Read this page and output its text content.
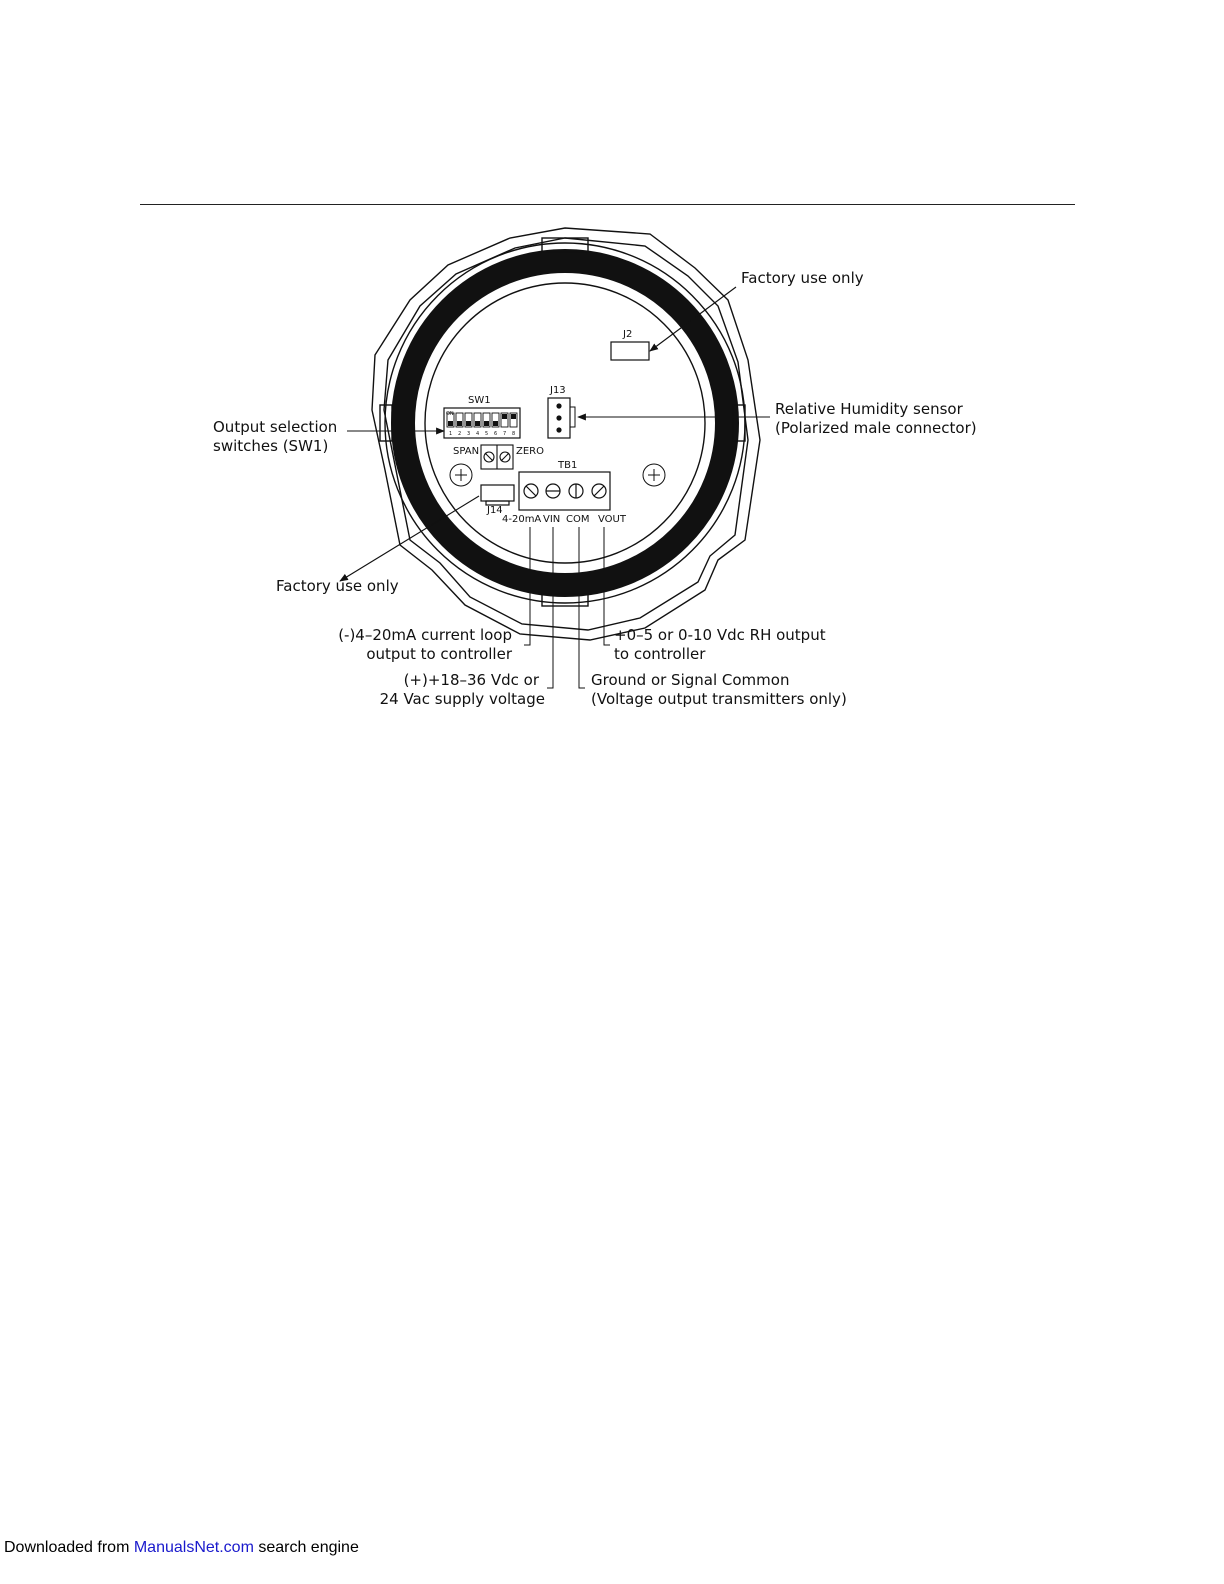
J2
J13
SW1
ON
1 2 3 4 5 6 7 8
SPAN	ZERO
TB1
J14
4-20mA VIN COM VOUT
Factory use only
Relative Humidity sensor
(Polarized male connector)
Output selection
switches (SW1)
Factory use only
(-)4–20mA current loop
output to controller
(+)+18–36 Vdc or
24 Vac supply voltage
Ground or Signal Common
(Voltage output transmitters only)
+0–5 or 0-10 Vdc RH output
to controller
Downloaded from ManualsNet.com search engine
